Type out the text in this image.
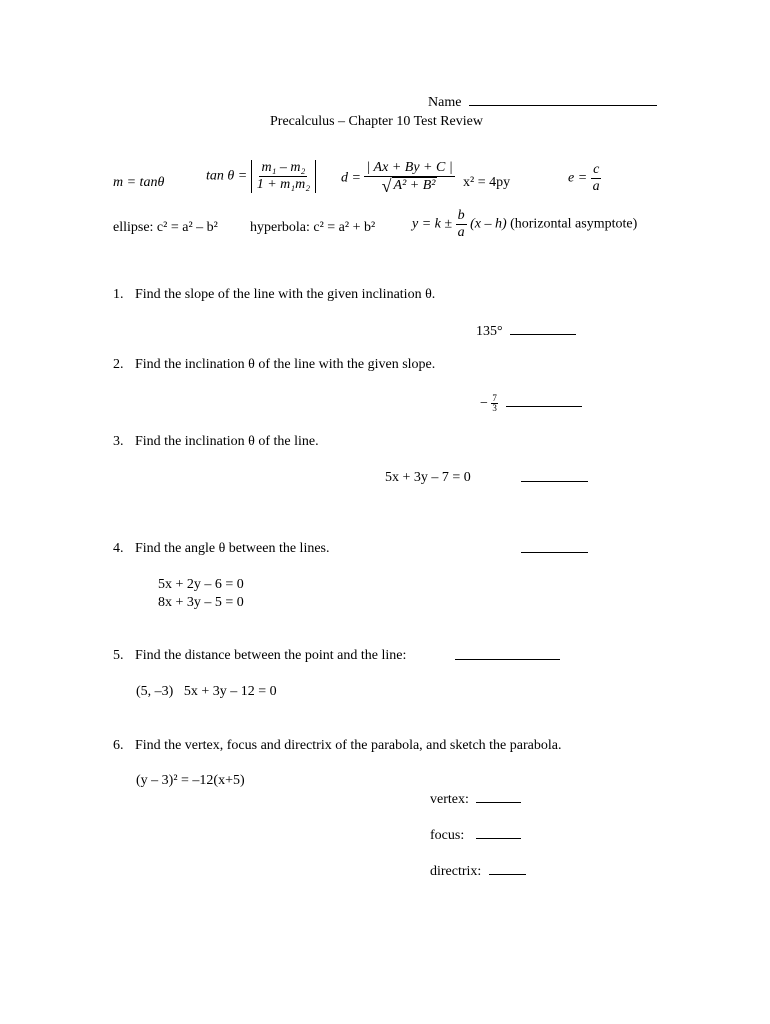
Name
Precalculus – Chapter 10 Test Review
m = tanθ	$\tan \theta = \frac{\text{m₁ – m₂}}{\text{1 + m₁m₂}}$ $d = \frac{| Ax + By + C |}{\text{√ A² + B²}} x^2 = 4py$	$e = \frac{c}{a}$
ellipse: c² = a² – b² hyperbola: c² = a² + b²	$y = k \pm \frac{b}{a} (x - h)$ (horizontal asymptote)
1. Find the slope of the line with the given inclination θ.
135°
2. Find the inclination θ of the line with the given slope.
− $\frac{7}{3}$

3. Find the inclination θ of the line.
5x + 3y – 7 = 0
4. Find the angle θ between the lines.
5x + 2y – 6 = 0
8x + 3y – 5 = 0
5. Find the distance between the point and the line:
(5, –3)   5x + 3y – 12 = 0
6. Find the vertex, focus and directrix of the parabola, and sketch the parabola.
(y – 3)² = –12(x+5)
vertex:
focus:
directrix:
